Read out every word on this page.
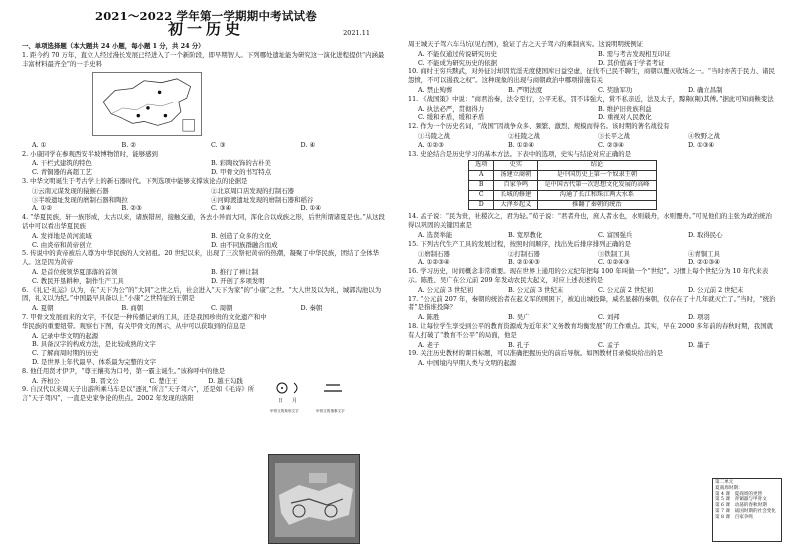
2021～2022 学年第一学期期中考试试卷
初一历史	2021.11
一、单项选择题（本大题共 24 小题，每小题 1 分，共 24 分）
1. 距今约 70 万年，直立人经过漫长发展已经进入了一个新阶段，即早期智人。下列哪处遗址能为研究这一演化进程提供“内涵最丰富材料最齐全”的一手史料
A. ①	B. ②	C. ③	D. ④
2. 小康同学在参观西安半坡博物馆时，能够感到
A. 干栏式建筑的特色	B. 彩陶纹饰的古朴美
C. 青铜器的高超工艺	D. 甲骨文的书写特点
3. 中华文明诞生于考古学上的新石器时代。下列选项中能够支撑该论点的论据是
①云南元谋发现的猿猴石器	②北京周口店发现的打制石器
③半坡遗址发现的磨制石器和陶拉	④河姆渡遗址发现的磨制石器和稻谷
A. ①②	B. ②③	C. ③④	D. ①④
4. “华夏民族，轩一族形成，太古以来，诸族错居，接触交通，各去小异而大同，浑化合以成族之形，后世所谓诸夏是也。”从这段话中可以看出华夏民族
A. 发祥地是黄河流域	B. 创造了众多的文化
C. 由炎帝和黄帝创立	D. 由不同族群融合而成
5. 传说中的黄帝被后人尊为中华民族的人文初祖。20 世纪以来，出现了三次祭祀黄帝的热潮，凝聚了中华民族，团结了全体华人。这是因为黄帝
A. 是首位统领华夏部落的首领	B. 推行了禅让制
C. 教民开垦耕种，制作生产工具	D. 开创了多项发明
6. 《礼记·礼运》认为，在“天下为公”的“大同”之世之后，社会进入“天下为家”的“小康”之世。“大人世及以为礼，城郭沟池以为固，礼义以为纪。”中国最早具备以上“小康”之世特征的王朝是
A. 夏朝	B. 商朝	C. 周朝	D. 秦朝
7. 甲骨文发展而来的文字，不仅是一种传播记录的工具，还是我国珍贵的文化遗产和中华民族的重要纽带。观察右下图，有关甲骨文的图示，从中可以获取到的信息是
A. 记录中华文明的起源
B. 具备汉字的构成方法，是比较成熟的文字
C. 了解商周时期的历史
D. 是世界上年代最早、体系最为完整的文字
8. 他任用贤才伊尹，“尊王攘夷为口号，第一霸主诞生。”该称呼中的他是
A. 齐桓公	B. 晋文公	C. 楚庄王	D. 越王勾践
9. 自汉代以来周天子出游所乘马车是以“逐礼”所言“天子驾六”，还是如《毛诗》所言“天子驾四”，一直是史家争论的焦点。2002 年发现的洛阳	日 月
甲骨文的象形文字	甲骨文的指事文字
周王城天子驾六车马坑(见右图)，验证了古之天子驾六的乘制真实。这说明明统例证
A. 不能仅通过传说研究历史	B. 需与考古发现相互印证
C. 不能成为研究历史的依据	D. 其价值高于学者考证
10. 商纣王穷兵黩武，对外征讨却因荒淫无度使国库日益空虚，征伐不已民不聊生，商朝以覆灭收场之一。“当时亦苦于民力、诸民怨愤，不可以遏我之权”。这种现象的出现与商朝政治中哪项措施有关
A. 禁止殉葬	B. 严明法度	C. 奖励军功	D. 确立昌制
11. 《战国策》中说：“商君治秦，法令至行，公平无私，罚不讳强大，赏不私亲近，法及太子，黥劓(劓)其傅。”据此可知商鞅变法
A. 执法必严，贯彻得力	B. 维护旧贵族利益
C. 缓和矛盾，缓和矛盾	D. 重视对人民教化
12. 作为一个历史名词，“战国”因战争众多、频繁、激烈、规模而得名。该时期的著名战役有
①马陵之战	②桂陵之战	③长平之战	④牧野之战
A. ①②③	B. ①②④	C. ②③④	D. ①③④
13. 史论结合是历史学习的基本方法。下表中的选项，史实与结论对应正确的是
选项	史实	结论
A	汤建立商朝	是中国历史上第一个奴隶王朝
B	百家争鸣	是中国古代第一次思想文化发展的高峰
C	长城的修建	沟通了长江和珠江两大水系
D	大泽乡起义	推翻了秦朝的统治
14. 孟子说：“民为贵，社稷次之，君为轻。”荀子说：“君者舟也，庶人者水也，水则载舟，水则覆舟。”可见他们的主张为政治统治得以巩固的关键因素是
A. 选贤举能	B. 宽厚教化	C. 富国强兵	D. 取得民心
15. 下列古代生产工具的发展过程，按照时间顺序，找出先后排序排列正确的是
①磨制石器	②打制石器	③铁制工具	④青铜工具
A. ①②③④	B. ②①④③	C. ①②④③	D. ②①③④
16. 学习历史，时间概念非常重要。现在世界上通用的公元纪年把每 100 年叫做一个“世纪”。习惯上每个世纪分为 10 年代来表示。陈胜、吴广在公元前 209 年发动农民大起义，对应上述表述的是
A. 公元前 3 世纪初	B. 公元前 3 世纪末	C. 公元前 2 世纪初	D. 公元前 2 世纪末
17. “公元前 207 年，秦朝的统治者在起义军的围困下，被迫出城投降，威名显赫的秦朝，仅存在了十几年就灭亡了。”当时，“统治者”是指谁投降？
A. 陈胜	B. 吴广	C. 刘邦	D. 项羽
18. 让每位学生享受到公平的教育资源成为近年来“义务教育均衡发展”的工作重点。其实，早在 2000 多年前的春秋时期，我国就有人打破了“教育不公平”的局面，他是
A. 老子	B. 孔子	C. 孟子	D. 墨子
19. 关注历史教材的课目标题，可以准确把握历史的前后导航。如图教材目录模块给出的是
A. 中国境内早期人类与文明的起源
第二单元
夏商周时期：
第 4 课　夏商周的更替
第 5 课　青铜器与甲骨文
第 6 课　动荡的春秋时期
第 7 课　战国时期的社会变化
第 8 课　百家争鸣
